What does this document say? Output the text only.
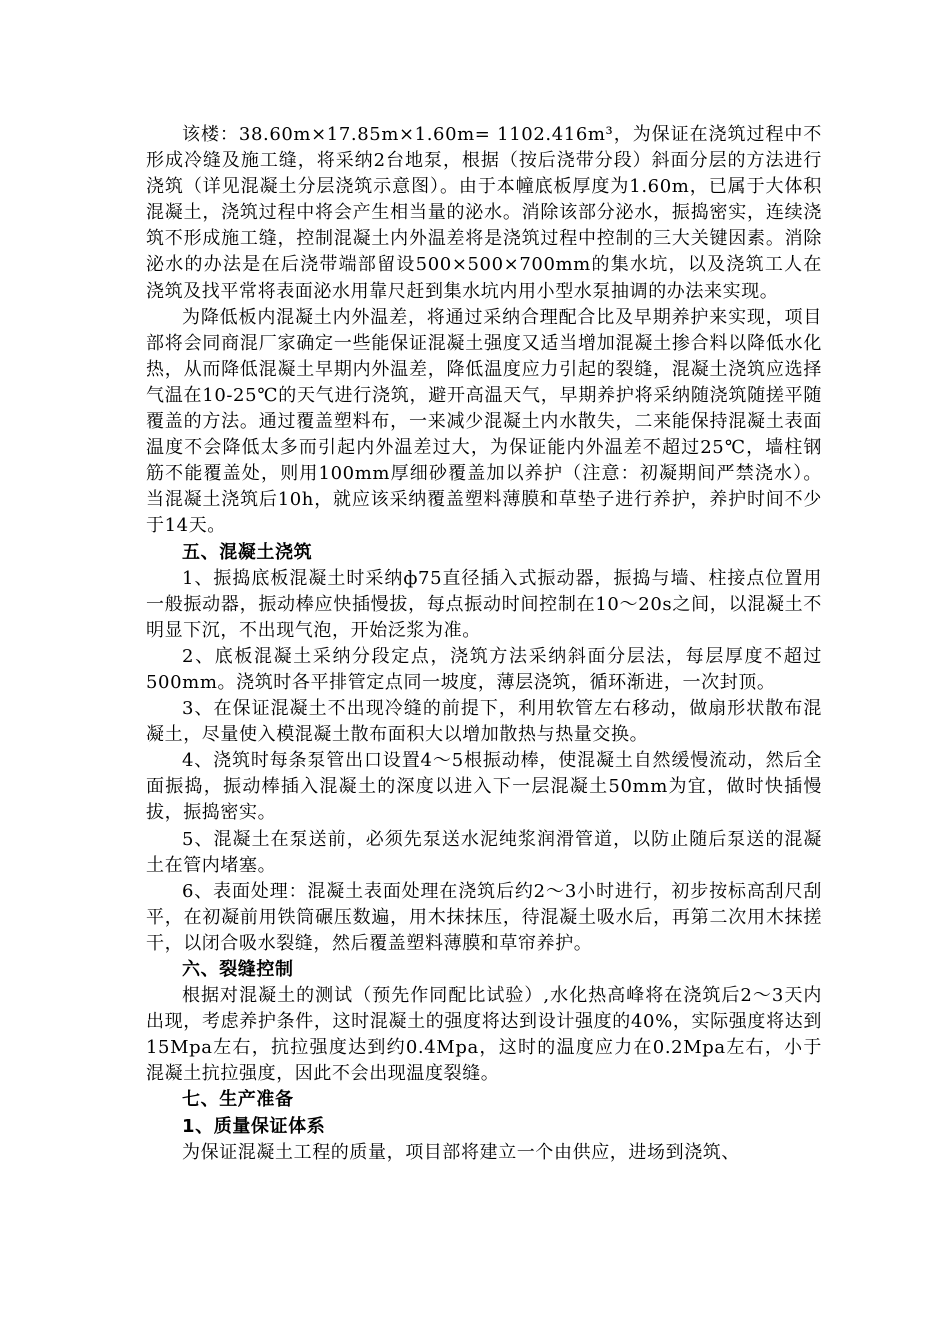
该楼：38.60m×17.85m×1.60m= 1102.416m³，为保证在浇筑过程中不形成冷缝及施工缝，将采纳2台地泵，根据（按后浇带分段）斜面分层的方法进行浇筑（详见混凝土分层浇筑示意图）。由于本幢底板厚度为1.60m，已属于大体积混凝土，浇筑过程中将会产生相当量的泌水。消除该部分泌水，振捣密实，连续浇筑不形成施工缝，控制混凝土内外温差将是浇筑过程中控制的三大关键因素。消除泌水的办法是在后浇带端部留设500×500×700mm的集水坑，以及浇筑工人在浇筑及找平常将表面泌水用靠尺赶到集水坑内用小型水泵抽调的办法来实现。

为降低板内混凝土内外温差，将通过采纳合理配合比及早期养护来实现，项目部将会同商混厂家确定一些能保证混凝土强度又适当增加混凝土掺合料以降低水化热，从而降低混凝土早期内外温差，降低温度应力引起的裂缝，混凝土浇筑应选择气温在10-25℃的天气进行浇筑，避开高温天气，早期养护将采纳随浇筑随搓平随覆盖的方法。通过覆盖塑料布，一来减少混凝土内水散失，二来能保持混凝土表面温度不会降低太多而引起内外温差过大，为保证能内外温差不超过25℃，墙柱钢筋不能覆盖处，则用100mm厚细砂覆盖加以养护（注意：初凝期间严禁浇水）。当混凝土浇筑后10h，就应该采纳覆盖塑料薄膜和草垫子进行养护，养护时间不少于14天。

五、混凝土浇筑

1、振捣底板混凝土时采纳ф75直径插入式振动器，振捣与墙、柱接点位置用一般振动器，振动棒应快插慢拔，每点振动时间控制在10～20s之间，以混凝土不明显下沉，不出现气泡，开始泛浆为准。

2、底板混凝土采纳分段定点，浇筑方法采纳斜面分层法，每层厚度不超过500mm。浇筑时各平排管定点同一坡度，薄层浇筑，循环渐进，一次封顶。

3、在保证混凝土不出现冷缝的前提下，利用软管左右移动，做扇形状散布混凝土，尽量使入模混凝土散布面积大以增加散热与热量交换。

4、浇筑时每条泵管出口设置4～5根振动棒，使混凝土自然缓慢流动，然后全面振捣，振动棒插入混凝土的深度以进入下一层混凝土50mm为宜，做时快插慢拔，振捣密实。

5、混凝土在泵送前，必须先泵送水泥纯浆润滑管道，以防止随后泵送的混凝土在管内堵塞。

6、表面处理：混凝土表面处理在浇筑后约2～3小时进行，初步按标高刮尺刮平，在初凝前用铁筒碾压数遍，用木抹抹压，待混凝土吸水后，再第二次用木抹搓干，以闭合吸水裂缝，然后覆盖塑料薄膜和草帘养护。

六、裂缝控制

根据对混凝土的测试（预先作同配比试验）,水化热高峰将在浇筑后2～3天内出现，考虑养护条件，这时混凝土的强度将达到设计强度的40%，实际强度将达到15Mpa左右，抗拉强度达到约0.4Mpa，这时的温度应力在0.2Mpa左右，小于混凝土抗拉强度，因此不会出现温度裂缝。

七、生产准备
1、质量保证体系

为保证混凝土工程的质量，项目部将建立一个由供应，进场到浇筑、
